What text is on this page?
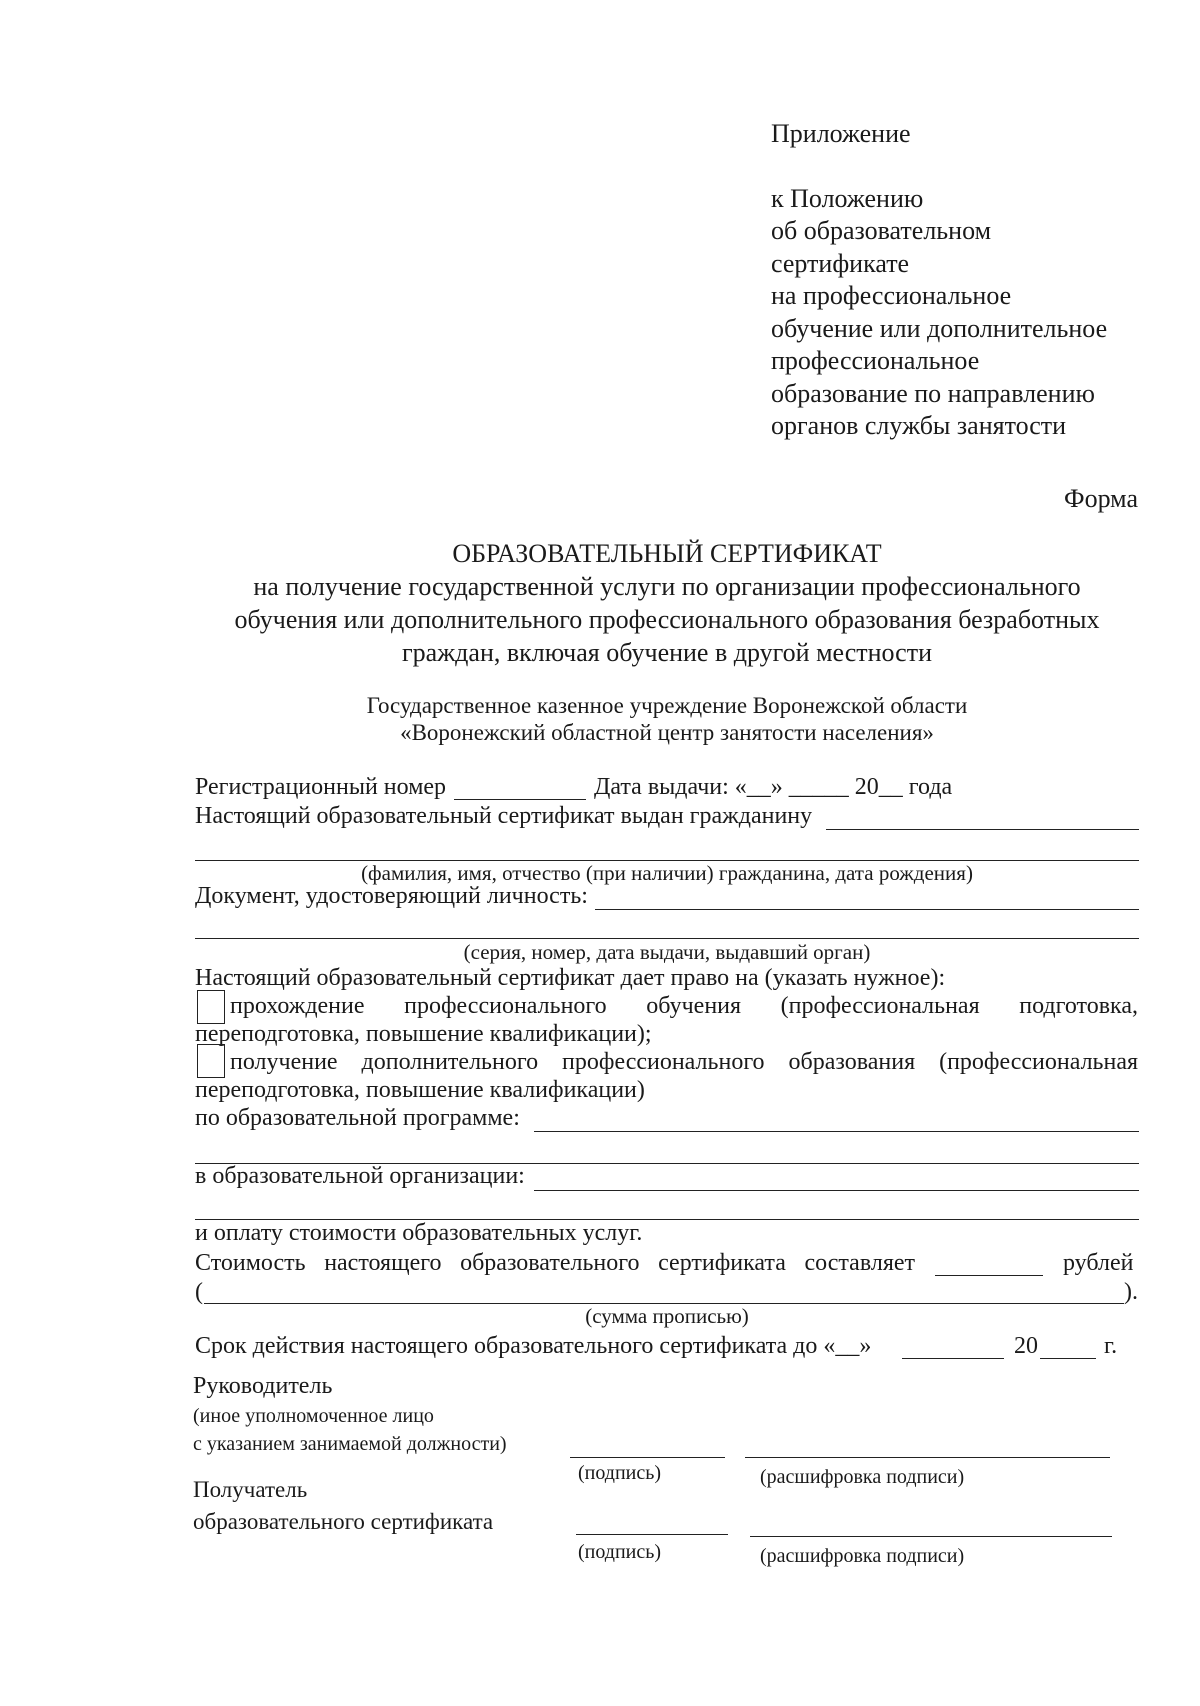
Приложение
к Положению
об образовательном
сертификате
на профессиональное
обучение или дополнительное
профессиональное
образование по направлению
органов службы занятости
Форма
ОБРАЗОВАТЕЛЬНЫЙ СЕРТИФИКАТ
на получение государственной услуги по организации профессионального
обучения или дополнительного профессионального образования безработных
граждан, включая обучение в другой местности
Государственное казенное учреждение Воронежской области
«Воронежский областной центр занятости населения»
Регистрационный номер	Дата выдачи: «__» _____ 20__ года
Настоящий образовательный сертификат выдан гражданину
(фамилия, имя, отчество (при наличии) гражданина, дата рождения)
Документ, удостоверяющий личность:
(серия, номер, дата выдачи, выдавший орган)
Настоящий образовательный сертификат дает право на (указать нужное):
прохождение профессионального обучения (профессиональная подготовка,
переподготовка, повышение квалификации);
получение дополнительного профессионального образования (профессиональная
переподготовка, повышение квалификации)
по образовательной программе:
в образовательной организации:
и оплату стоимости образовательных услуг.
Стоимость настоящего образовательного сертификата составляет	рублей
(	).
(сумма прописью)
Срок действия настоящего образовательного сертификата до «__»	20	г.
Руководитель
(иное уполномоченное лицо
с указанием занимаемой должности)
(подпись)	(расшифровка подписи)
Получатель
образовательного сертификата
(подпись)	(расшифровка подписи)
